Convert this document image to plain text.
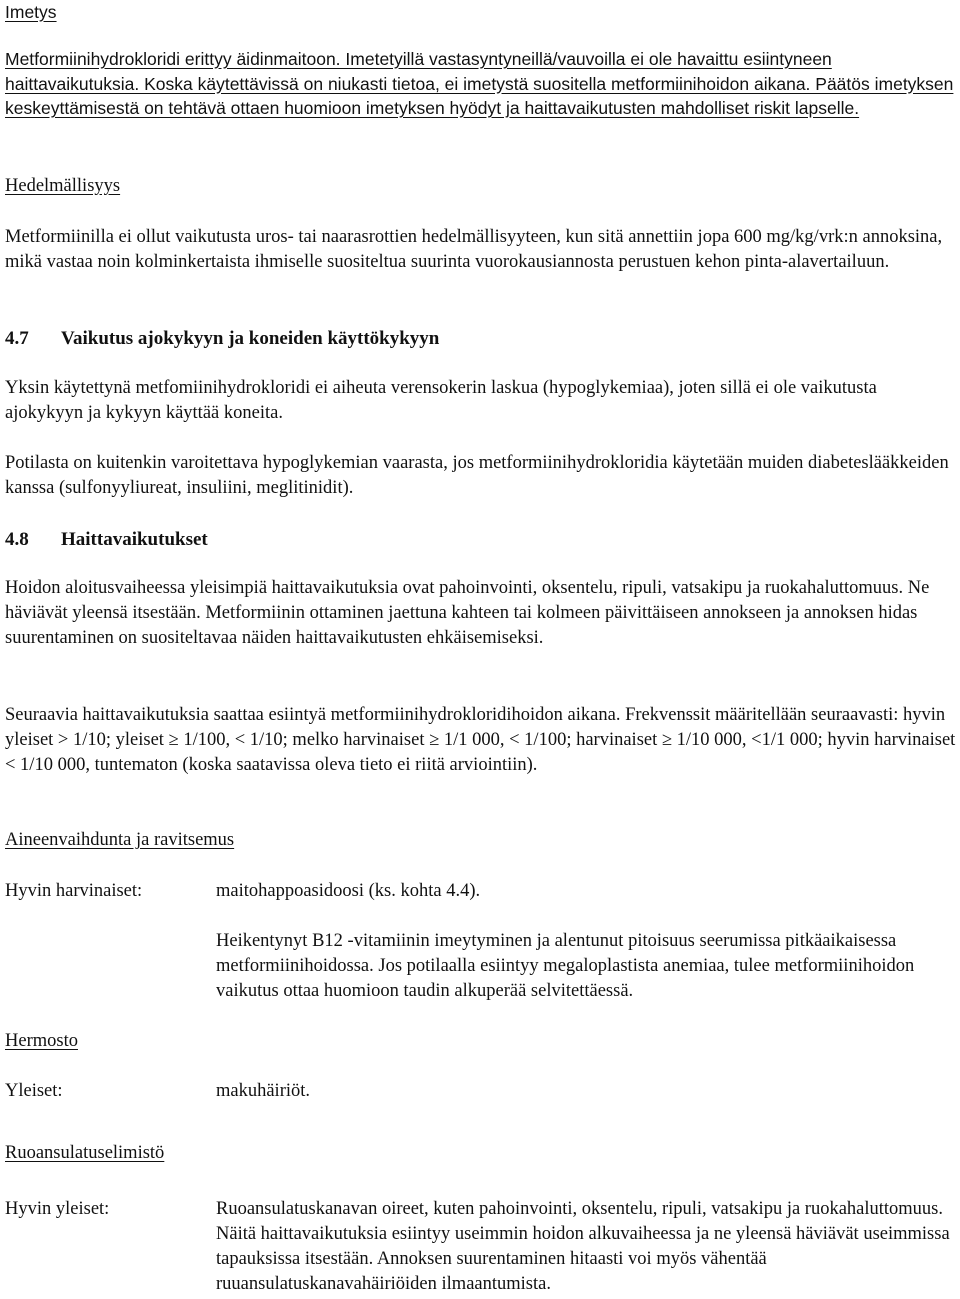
Imetys

Metformiinihydrokloridi erittyy äidinmaitoon. Imetetyillä vastasyntyneillä/vauvoilla ei ole havaittu esiintyneen haittavaikutuksia. Koska käytettävissä on niukasti tietoa, ei imetystä suositella metformiinihoidon aikana. Päätös imetyksen keskeyttämisestä on tehtävä ottaen huomioon imetyksen hyödyt ja haittavaikutusten mahdolliset riskit lapselle.

Hedelmällisyys

Metformiinilla ei ollut vaikutusta uros- tai naarasrottien hedelmällisyyteen, kun sitä annettiin jopa 600 mg/kg/vrk:n annoksina, mikä vastaa noin kolminkertaista ihmiselle suositeltua suurinta vuorokausiannosta perustuen kehon pinta-alavertailuun.

4.7 Vaikutus ajokykyyn ja koneiden käyttökykyyn

Yksin käytettynä metfomiinihydrokloridi ei aiheuta verensokerin laskua (hypoglykemiaa), joten sillä ei ole vaikutusta ajokykyyn ja kykyyn käyttää koneita.

Potilasta on kuitenkin varoitettava hypoglykemian vaarasta, jos metformiinihydrokloridia käytetään muiden diabeteslääkkeiden kanssa (sulfonyyliureat, insuliini, meglitinidit).

4.8 Haittavaikutukset

Hoidon aloitusvaiheessa yleisimpiä haittavaikutuksia ovat pahoinvointi, oksentelu, ripuli, vatsakipu ja ruokahaluttomuus. Ne häviävät yleensä itsestään. Metformiinin ottaminen jaettuna kahteen tai kolmeen päivittäiseen annokseen ja annoksen hidas suurentaminen on suositeltavaa näiden haittavaikutusten ehkäisemiseksi.

Seuraavia haittavaikutuksia saattaa esiintyä metformiinihydrokloridihoidon aikana. Frekvenssit määritellään seuraavasti: hyvin yleiset > 1/10; yleiset ≥ 1/100, < 1/10; melko harvinaiset ≥ 1/1 000, < 1/100; harvinaiset ≥ 1/10 000, <1/1 000; hyvin harvinaiset < 1/10 000, tuntematon (koska saatavissa oleva tieto ei riitä arviointiin).

Aineenvaihdunta ja ravitsemus

Hyvin harvinaiset:	maitohappoasidoosi (ks. kohta 4.4).
Heikentynyt B12 -vitamiinin imeytyminen ja alentunut pitoisuus seerumissa pitkäaikaisessa metformiinihoidossa. Jos potilaalla esiintyy megaloplastista anemiaa, tulee metformiinihoidon vaikutus ottaa huomioon taudin alkuperää selvitettäessä.

Hermosto

Yleiset:	makuhäiriöt.

Ruoansulatuselimistö

Hyvin yleiset:	Ruoansulatuskanavan oireet, kuten pahoinvointi, oksentelu, ripuli, vatsakipu ja ruokahaluttomuus. Näitä haittavaikutuksia esiintyy useimmin hoidon alkuvaiheessa ja ne yleensä häviävät useimmissa tapauksissa itsestään. Annoksen suurentaminen hitaasti voi myös vähentää ruuansulatuskanavahäiriöiden ilmaantumista.
